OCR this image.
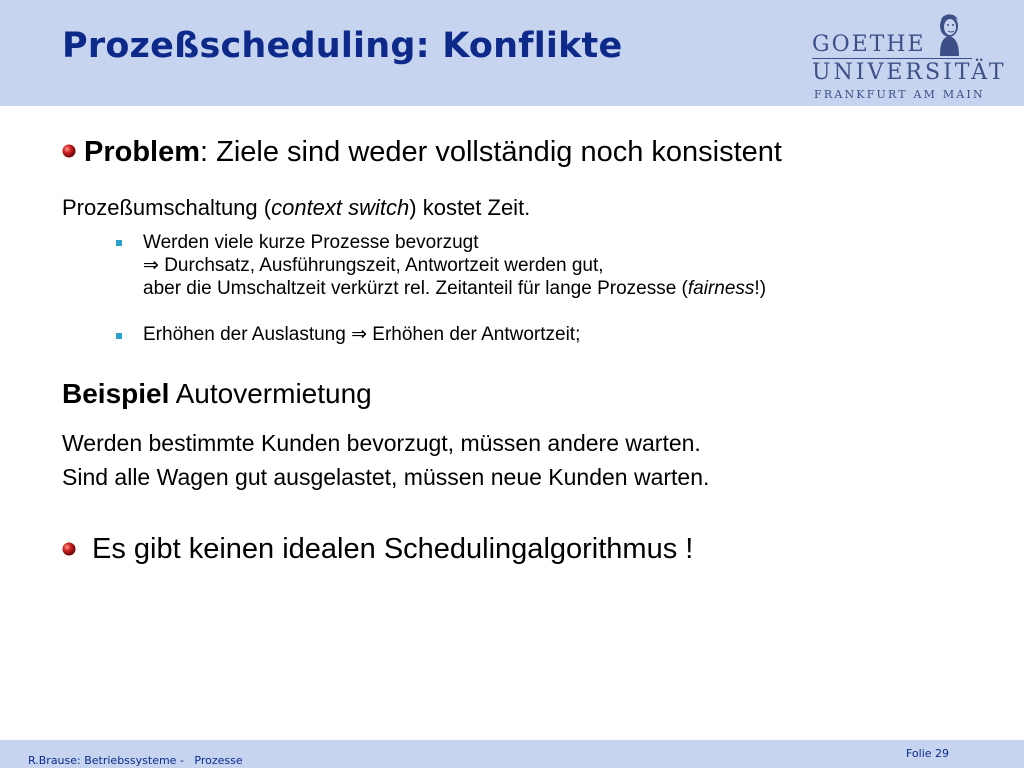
Prozeßscheduling: Konflikte	GOETHE
UNIVERSITÄT
FRANKFURT AM MAIN
Problem: Ziele sind weder vollständig noch konsistent
Prozeßumschaltung (context switch) kostet Zeit.
Werden viele kurze Prozesse bevorzugt
⇒ Durchsatz, Ausführungszeit, Antwortzeit werden gut,
aber die Umschaltzeit verkürzt rel. Zeitanteil für lange Prozesse (fairness!)
Erhöhen der Auslastung ⇒ Erhöhen der Antwortzeit;
Beispiel Autovermietung
Werden bestimmte Kunden bevorzugt, müssen andere warten.
Sind alle Wagen gut ausgelastet, müssen neue Kunden warten.
Es gibt keinen idealen Schedulingalgorithmus !
R.Brause: Betriebssysteme -   Prozesse
Folie 29
